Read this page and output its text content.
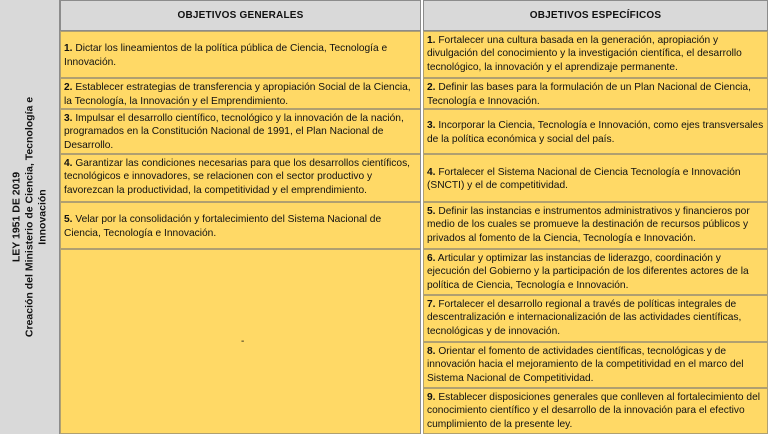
LEY 1951 DE 2019 Creación del Ministerio de Ciencia, Tecnología e Innovación
OBJETIVOS GENERALES	OBJETIVOS ESPECÍFICOS
1. Dictar los lineamientos de la política pública de Ciencia, Tecnología e Innovación.
2. Establecer estrategias de transferencia y apropiación Social de la Ciencia, la Tecnología, la Innovación y el Emprendimiento.
3. Impulsar el desarrollo científico, tecnológico y la innovación de la nación, programados en la Constitución Nacional de 1991, el Plan Nacional de Desarrollo.
4. Garantizar las condiciones necesarias para que los desarrollos científicos, tecnológicos e innovadores, se relacionen con el sector productivo y favorezcan la productividad, la competitividad y el emprendimiento.
5. Velar por la consolidación y fortalecimiento del Sistema Nacional de Ciencia, Tecnología e Innovación.
-
1. Fortalecer una cultura basada en la generación, apropiación y divulgación del conocimiento y la investigación científica, el desarrollo tecnológico, la innovación y el aprendizaje permanente.
2. Definir las bases para la formulación de un Plan Nacional de Ciencia, Tecnología e Innovación.
3. Incorporar la Ciencia, Tecnología e Innovación, como ejes transversales de la política económica y social del país.
4. Fortalecer el Sistema Nacional de Ciencia Tecnología e Innovación (SNCTI) y el de competitividad.
5. Definir las instancias e instrumentos administrativos y financieros por medio de los cuales se promueve la destinación de recursos públicos y privados al fomento de la Ciencia, Tecnología e Innovación.
6. Articular y optimizar las instancias de liderazgo, coordinación y ejecución del Gobierno y la participación de los diferentes actores de la política de Ciencia, Tecnología e Innovación.
7. Fortalecer el desarrollo regional a través de políticas integrales de descentralización e internacionalización de las actividades científicas, tecnológicas y de innovación.
8. Orientar el fomento de actividades científicas, tecnológicas y de innovación hacia el mejoramiento de la competitividad en el marco del Sistema Nacional de Competitividad.
9. Establecer disposiciones generales que conlleven al fortalecimiento del conocimiento científico y el desarrollo de la innovación para el efectivo cumplimiento de la presente ley.
